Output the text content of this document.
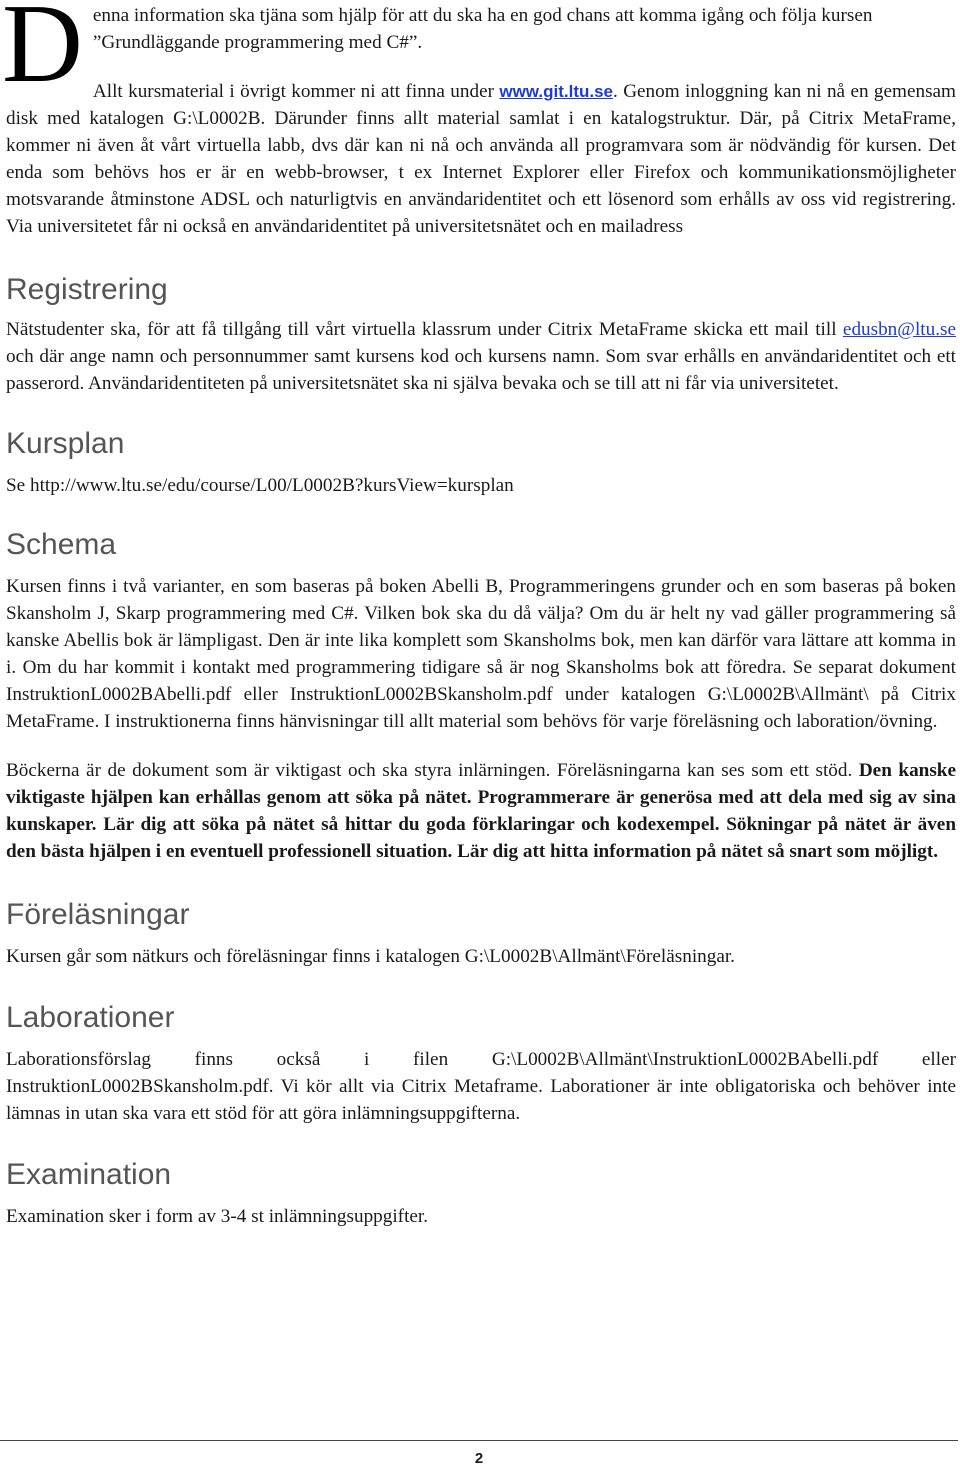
D enna information ska tjäna som hjälp för att du ska ha en god chans att komma igång och följa kursen ”Grundläggande programmering med C#”.

Allt kursmaterial i övrigt kommer ni att finna under www.git.ltu.se. Genom inloggning kan ni nå en gemensam disk med katalogen G:\L0002B. Därunder finns allt material samlat i en katalogstruktur. Där, på Citrix MetaFrame, kommer ni även åt vårt virtuella labb, dvs där kan ni nå och använda all programvara som är nödvändig för kursen. Det enda som behövs hos er är en webb-browser, t ex Internet Explorer eller Firefox och kommunikationsmöjligheter motsvarande åtminstone ADSL och naturligtvis en användaridentitet och ett lösenord som erhålls av oss vid registrering. Via universitetet får ni också en användaridentitet på universitetsnätet och en mailadress

Registrering

Nätstudenter ska, för att få tillgång till vårt virtuella klassrum under Citrix MetaFrame skicka ett mail till edusbn@ltu.se och där ange namn och personnummer samt kursens kod och kursens namn. Som svar erhålls en användaridentitet och ett passerord. Användaridentiteten på universitetsnätet ska ni själva bevaka och se till att ni får via universitetet.

Kursplan

Se http://www.ltu.se/edu/course/L00/L0002B?kursView=kursplan

Schema

Kursen finns i två varianter, en som baseras på boken Abelli B, Programmeringens grunder och en som baseras på boken Skansholm J, Skarp programmering med C#. Vilken bok ska du då välja? Om du är helt ny vad gäller programmering så kanske Abellis bok är lämpligast. Den är inte lika komplett som Skansholms bok, men kan därför vara lättare att komma in i. Om du har kommit i kontakt med programmering tidigare så är nog Skansholms bok att föredra. Se separat dokument InstruktionL0002BAbelli.pdf eller InstruktionL0002BSkansholm.pdf under katalogen G:\L0002B\Allmänt\ på Citrix MetaFrame. I instruktionerna finns hänvisningar till allt material som behövs för varje föreläsning och laboration/övning.

Böckerna är de dokument som är viktigast och ska styra inlärningen. Föreläsningarna kan ses som ett stöd. Den kanske viktigaste hjälpen kan erhållas genom att söka på nätet. Programmerare är generösa med att dela med sig av sina kunskaper. Lär dig att söka på nätet så hittar du goda förklaringar och kodexempel. Sökningar på nätet är även den bästa hjälpen i en eventuell professionell situation. Lär dig att hitta information på nätet så snart som möjligt.

Föreläsningar

Kursen går som nätkurs och föreläsningar finns i katalogen G:\L0002B\Allmänt\Föreläsningar.

Laborationer

Laborationsförslag finns också i filen G:\L0002B\Allmänt\InstruktionL0002BAbelli.pdf eller InstruktionL0002BSkansholm.pdf. Vi kör allt via Citrix Metaframe. Laborationer är inte obligatoriska och behöver inte lämnas in utan ska vara ett stöd för att göra inlämningsuppgifterna.

Examination

Examination sker i form av 3-4 st inlämningsuppgifter.

2
